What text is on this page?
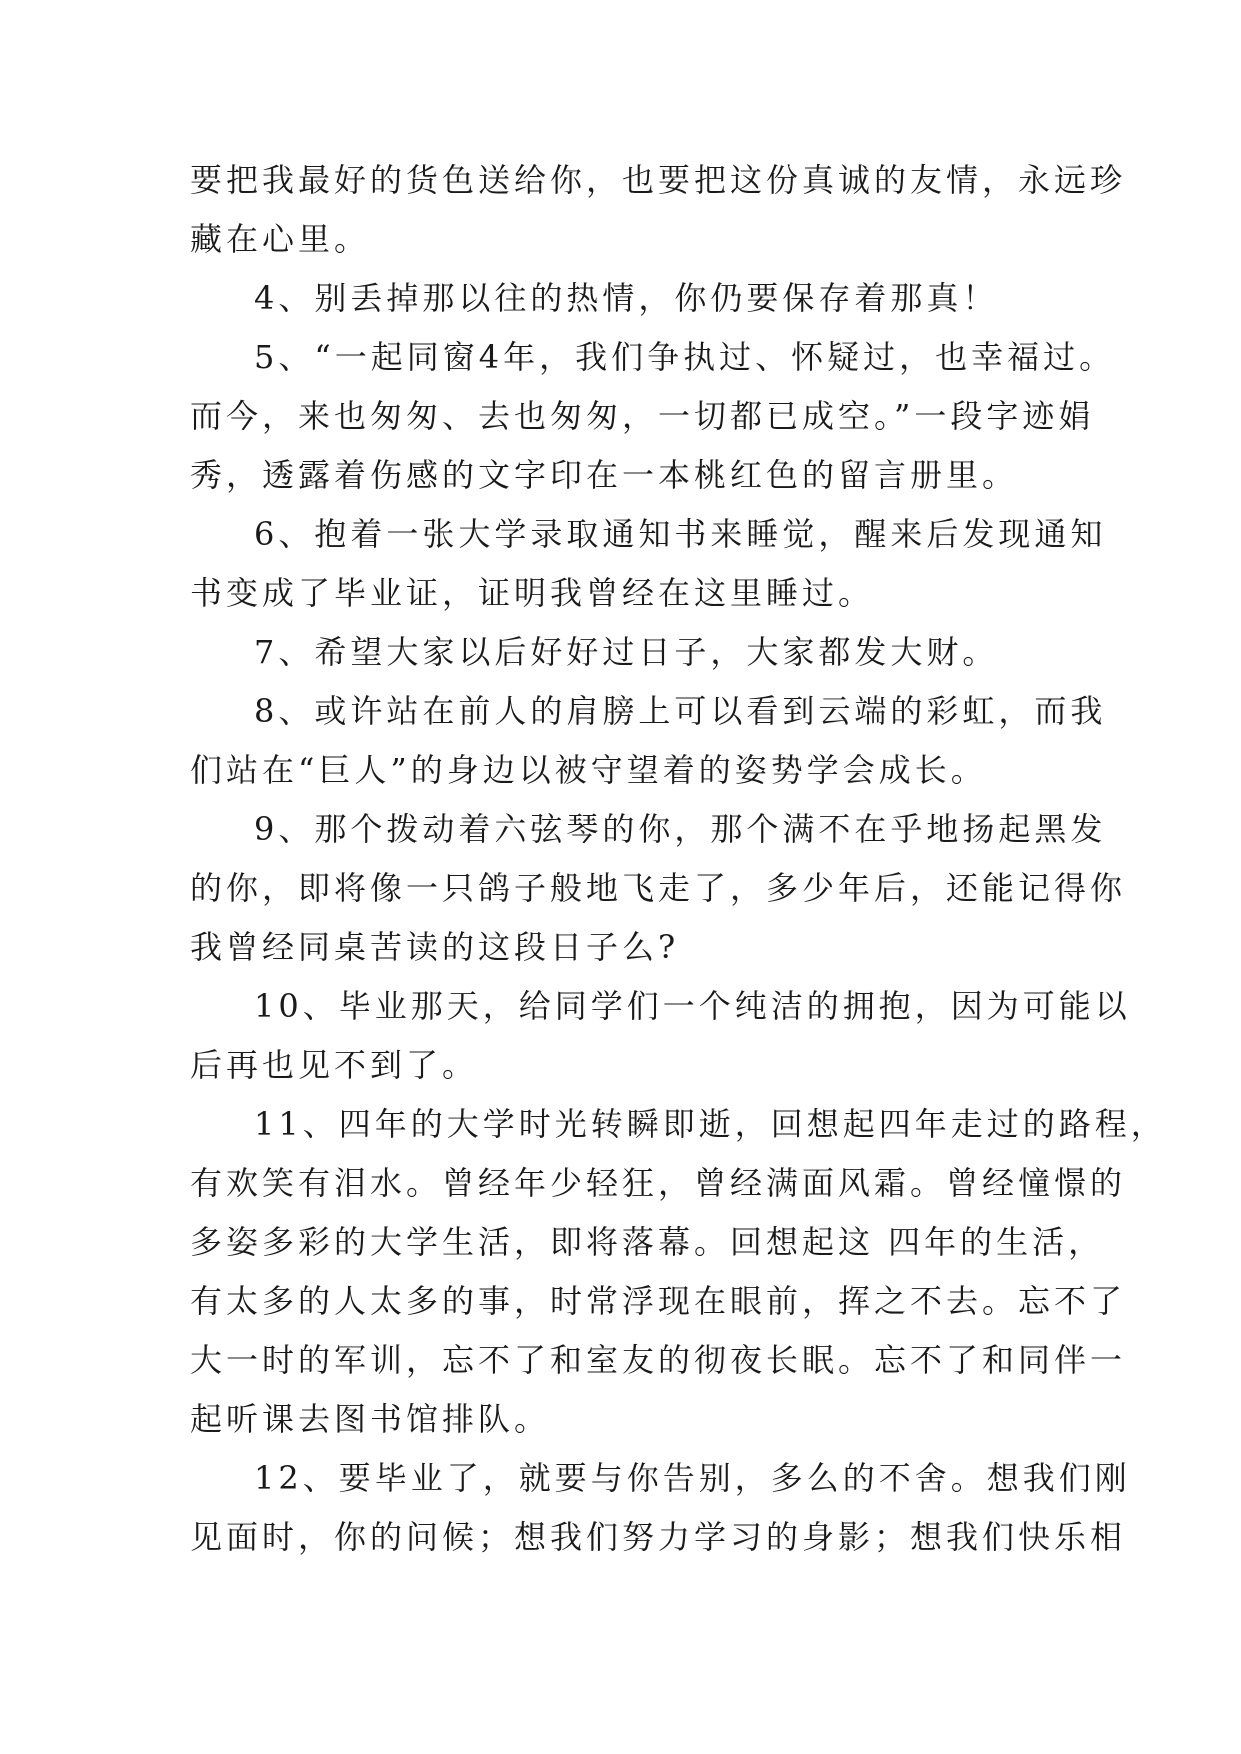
要把我最好的货色送给你，也要把这份真诚的友情，永远珍
藏在心里。
4、别丢掉那以往的热情，你仍要保存着那真！
5、“一起同窗4年，我们争执过、怀疑过，也幸福过。
而今，来也匆匆、去也匆匆，一切都已成空。”一段字迹娟
秀，透露着伤感的文字印在一本桃红色的留言册里。
6、抱着一张大学录取通知书来睡觉，醒来后发现通知
书变成了毕业证，证明我曾经在这里睡过。
7、希望大家以后好好过日子，大家都发大财。
8、或许站在前人的肩膀上可以看到云端的彩虹，而我
们站在“巨人”的身边以被守望着的姿势学会成长。
9、那个拨动着六弦琴的你，那个满不在乎地扬起黑发
的你，即将像一只鸽子般地飞走了，多少年后，还能记得你
我曾经同桌苦读的这段日子么?
10、毕业那天，给同学们一个纯洁的拥抱，因为可能以
后再也见不到了。
11、四年的大学时光转瞬即逝，回想起四年走过的路程，
有欢笑有泪水。曾经年少轻狂，曾经满面风霜。曾经憧憬的
多姿多彩的大学生活，即将落幕。回想起这 四年的生活，
有太多的人太多的事，时常浮现在眼前，挥之不去。忘不了
大一时的军训，忘不了和室友的彻夜长眠。忘不了和同伴一
起听课去图书馆排队。
12、要毕业了，就要与你告别，多么的不舍。想我们刚
见面时，你的问候；想我们努力学习的身影；想我们快乐相
